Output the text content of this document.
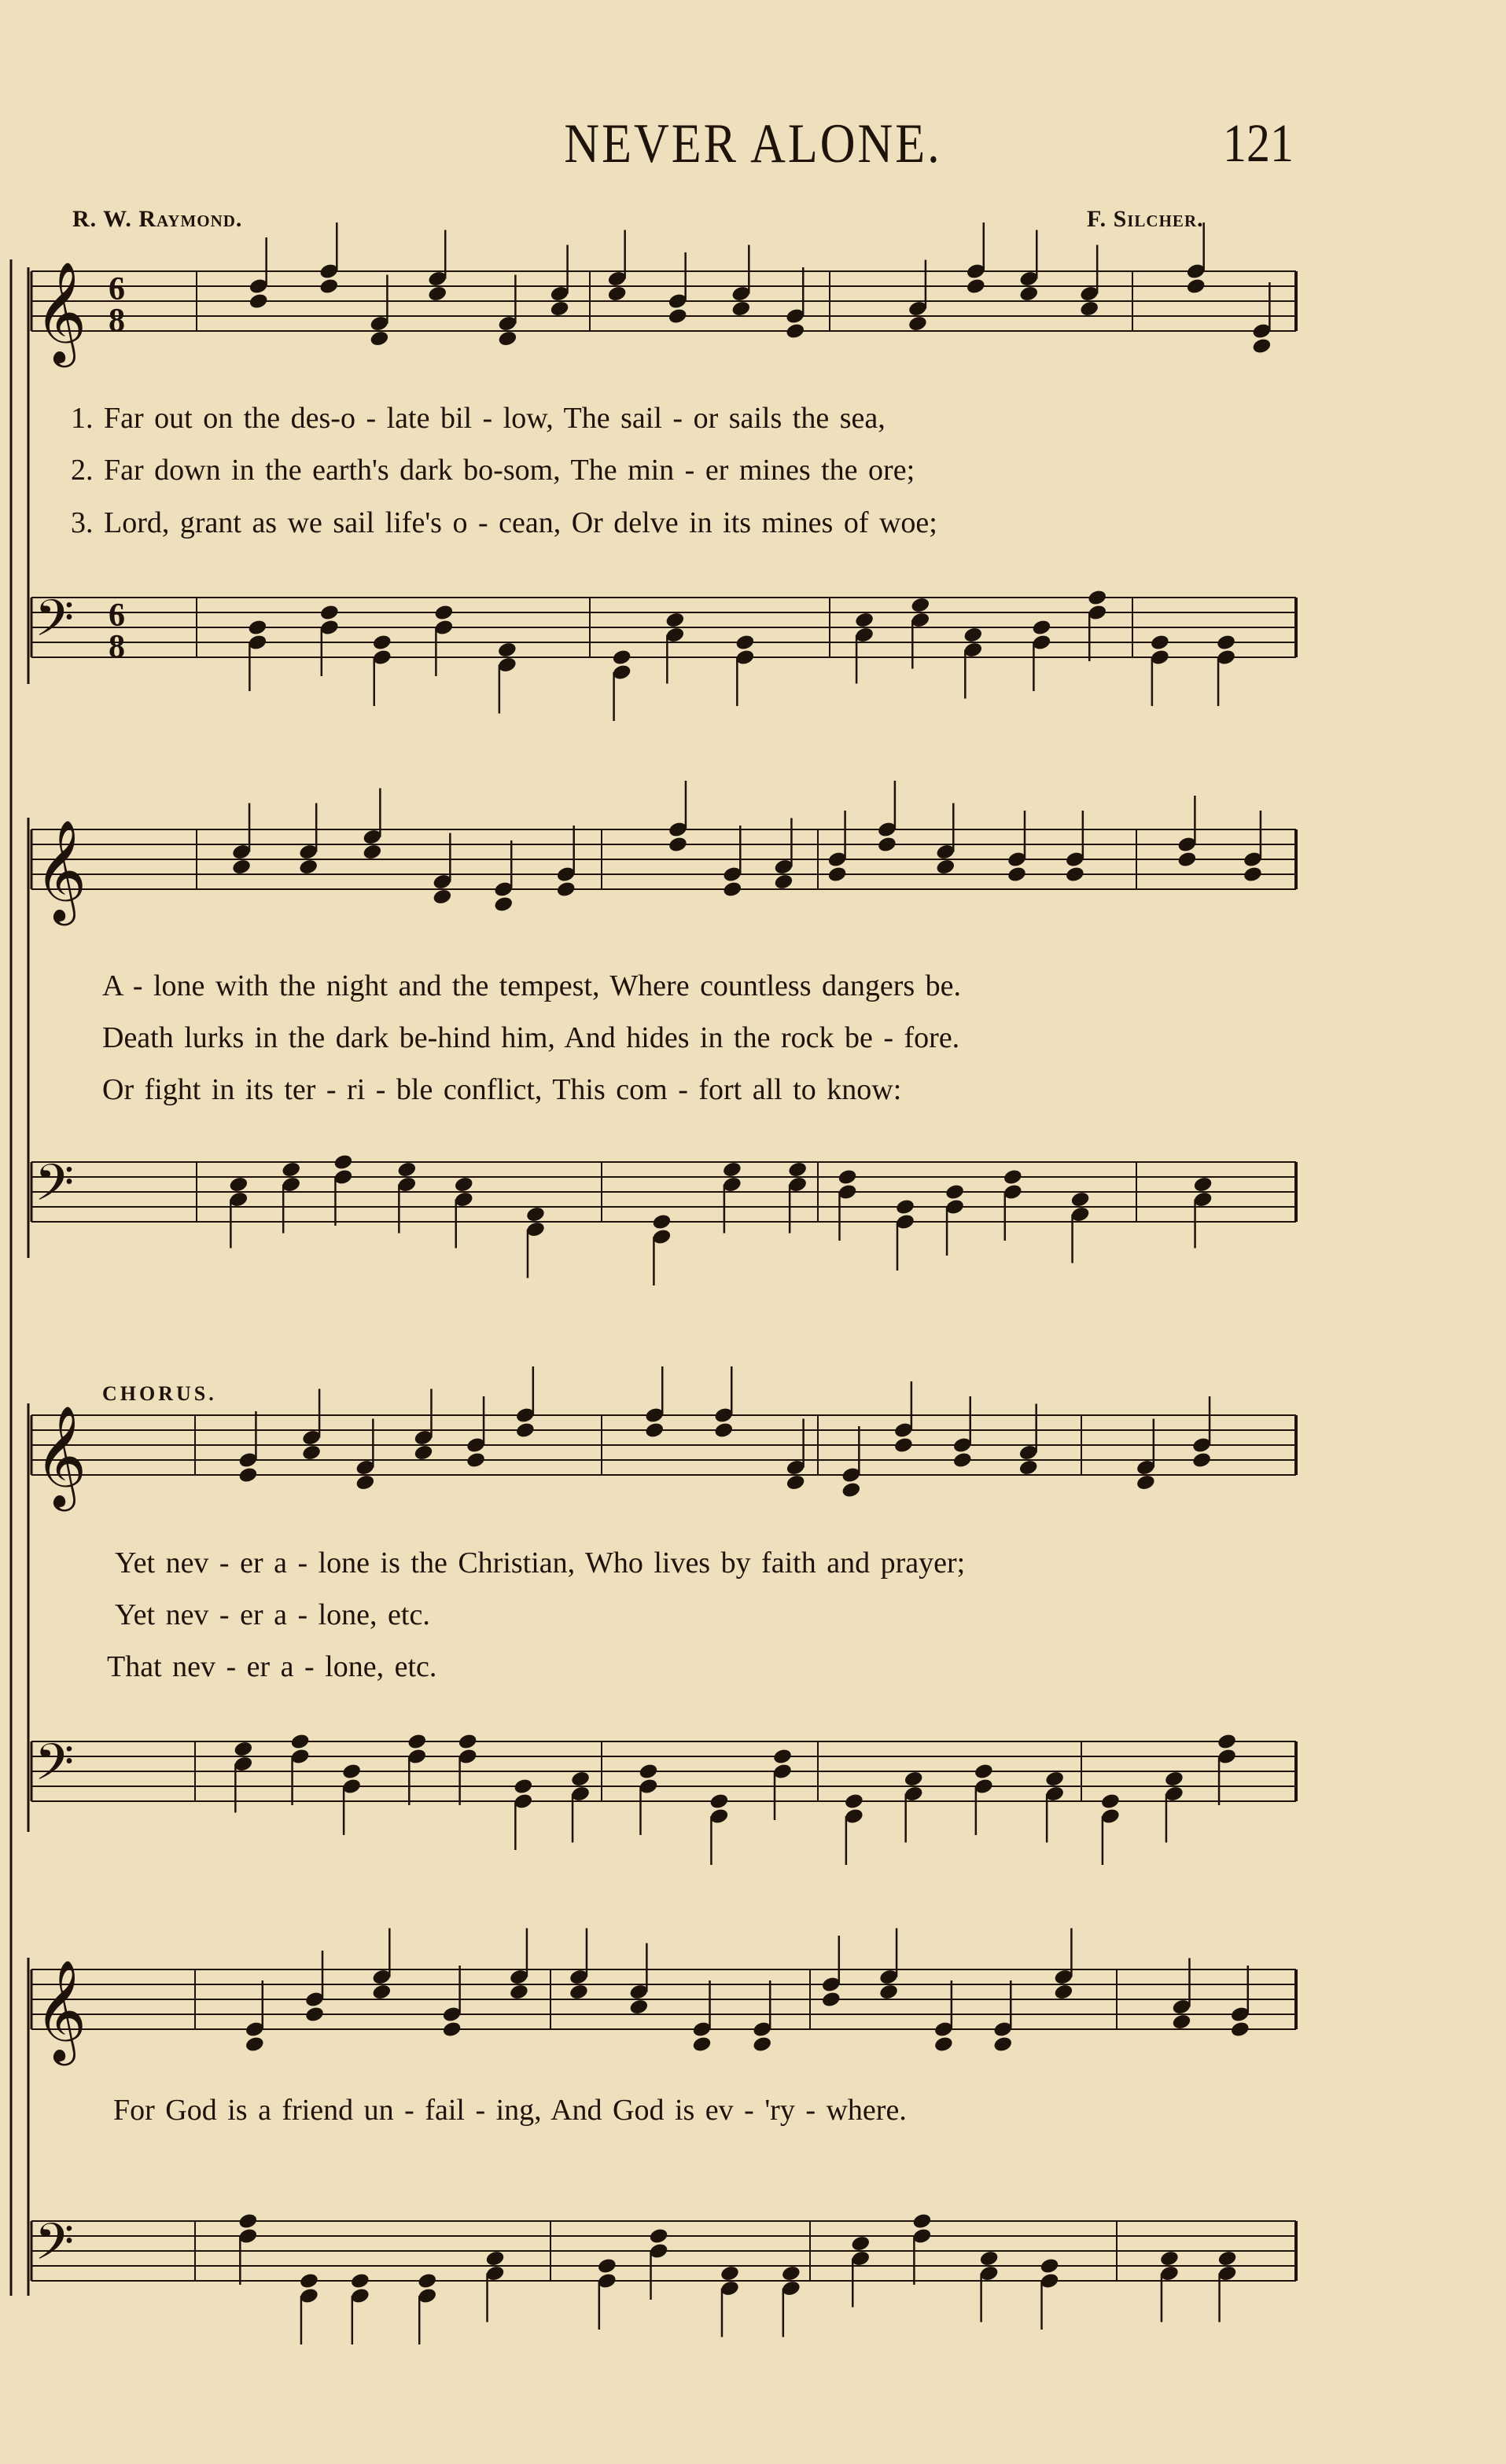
NEVER ALONE.	121
R. W. Raymond.	F. Silcher.
𝄞
𝄢
𝄞
𝄢
𝄞
𝄢
𝄞
𝄢
6
8
6
8
CHORUS.
1. Far out on the des-o - late bil - low, The sail - or sails the sea,
2. Far down in the earth's dark bo-som, The min - er mines the ore;
3. Lord, grant as we sail life's o - cean, Or delve in its mines of woe;
A - lone with the night and the tempest, Where countless dangers be.
Death lurks in the dark be-hind him, And hides in the rock be - fore.
Or fight in its ter - ri - ble conflict, This com - fort all to know:
Yet nev - er a - lone is the Christian, Who lives by faith and prayer;
Yet nev - er a - lone, etc.
That nev - er a - lone, etc.
For God is a friend un - fail - ing, And God is ev - 'ry - where.
